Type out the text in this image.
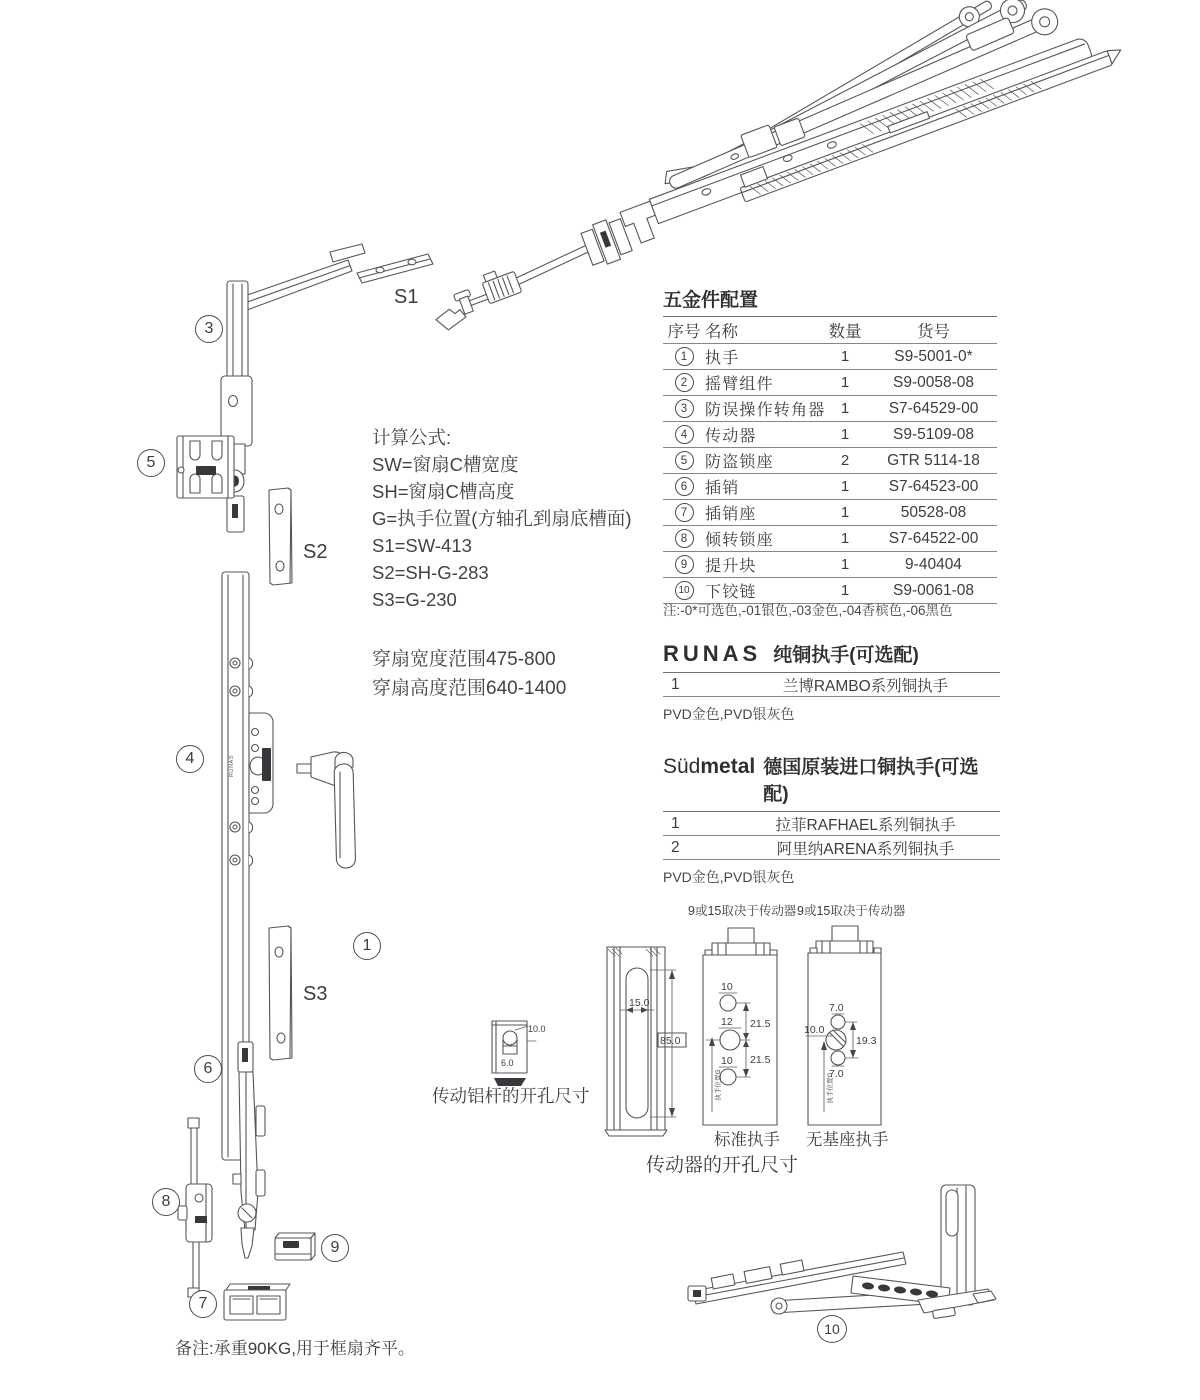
RUNAS
10.0
6.0
15.0
85.0
10
12
10
21.5
21.5
执手位置G
7.0
10.0
19.3
7.0
执手位置G
3
5
4
1
6
8
9
7
10
S1
S2
S3
计算公式:
SW=窗扇C槽宽度
SH=窗扇C槽高度
G=执手位置(方轴孔到扇底槽面)
S1=SW-413
S2=SH-G-283
S3=G-230
穿扇宽度范围475-800
穿扇高度范围640-1400
五金件配置
序号	名称	数量	货号

1	执手	1	S9-5001-0*

2	摇臂组件	1	S9-0058-08

3	防误操作转角器	1	S7-64529-00

4	传动器	1	S9-5109-08

5	防盗锁座	2	GTR 5114-18

6	插销	1	S7-64523-00

7	插销座	1	50528-08

8	倾转锁座	1	S7-64522-00

9	提升块	1	9-40404

10	下铰链	1	S9-0061-08
注:-0*可选色,-01银色,-03金色,-04香槟色,-06黑色
RUNAS 纯铜执手(可选配)
1	兰博RAMBO系列铜执手
PVD金色,PVD银灰色
Südmetal 德国原装进口铜执手(可选配)
1	拉菲RAFHAEL系列铜执手
2	阿里纳ARENA系列铜执手
PVD金色,PVD银灰色
传动铝杆的开孔尺寸
9或15取决于传动器 9或15取决于传动器
标准执手 无基座执手
传动器的开孔尺寸
备注:承重90KG,用于框扇齐平。
